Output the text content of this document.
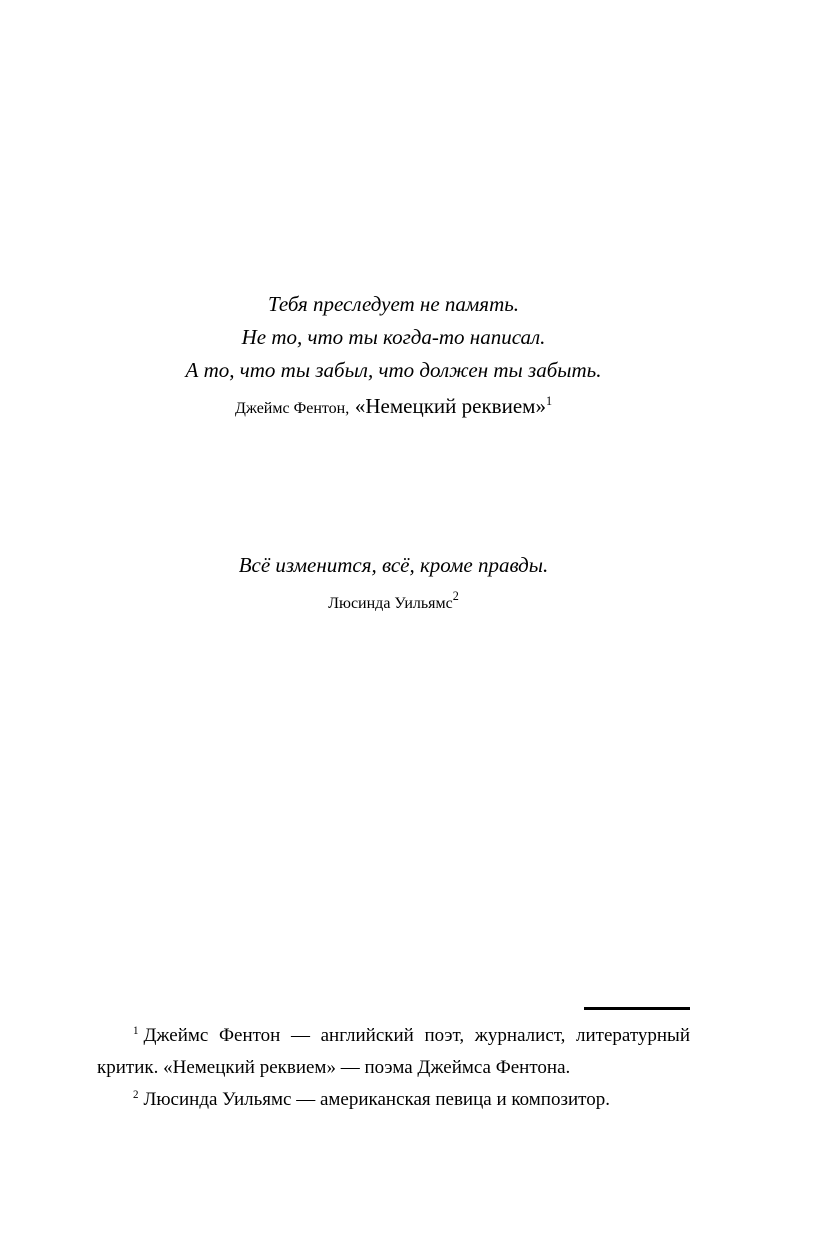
Тебя преследует не память.
Не то, что ты когда-то написал.
А то, что ты забыл, что должен ты забыть.
Джеймс Фентон, «Немецкий реквием»$^1$
Всё изменится, всё, кроме правды.
Люсинда Уильямс$^2$

$^1$ Джеймс Фентон — английский поэт, журналист, литературный критик. «Немецкий реквием» — поэма Джеймса Фентона.

$^2$ Люсинда Уильямс — американская певица и композитор.
